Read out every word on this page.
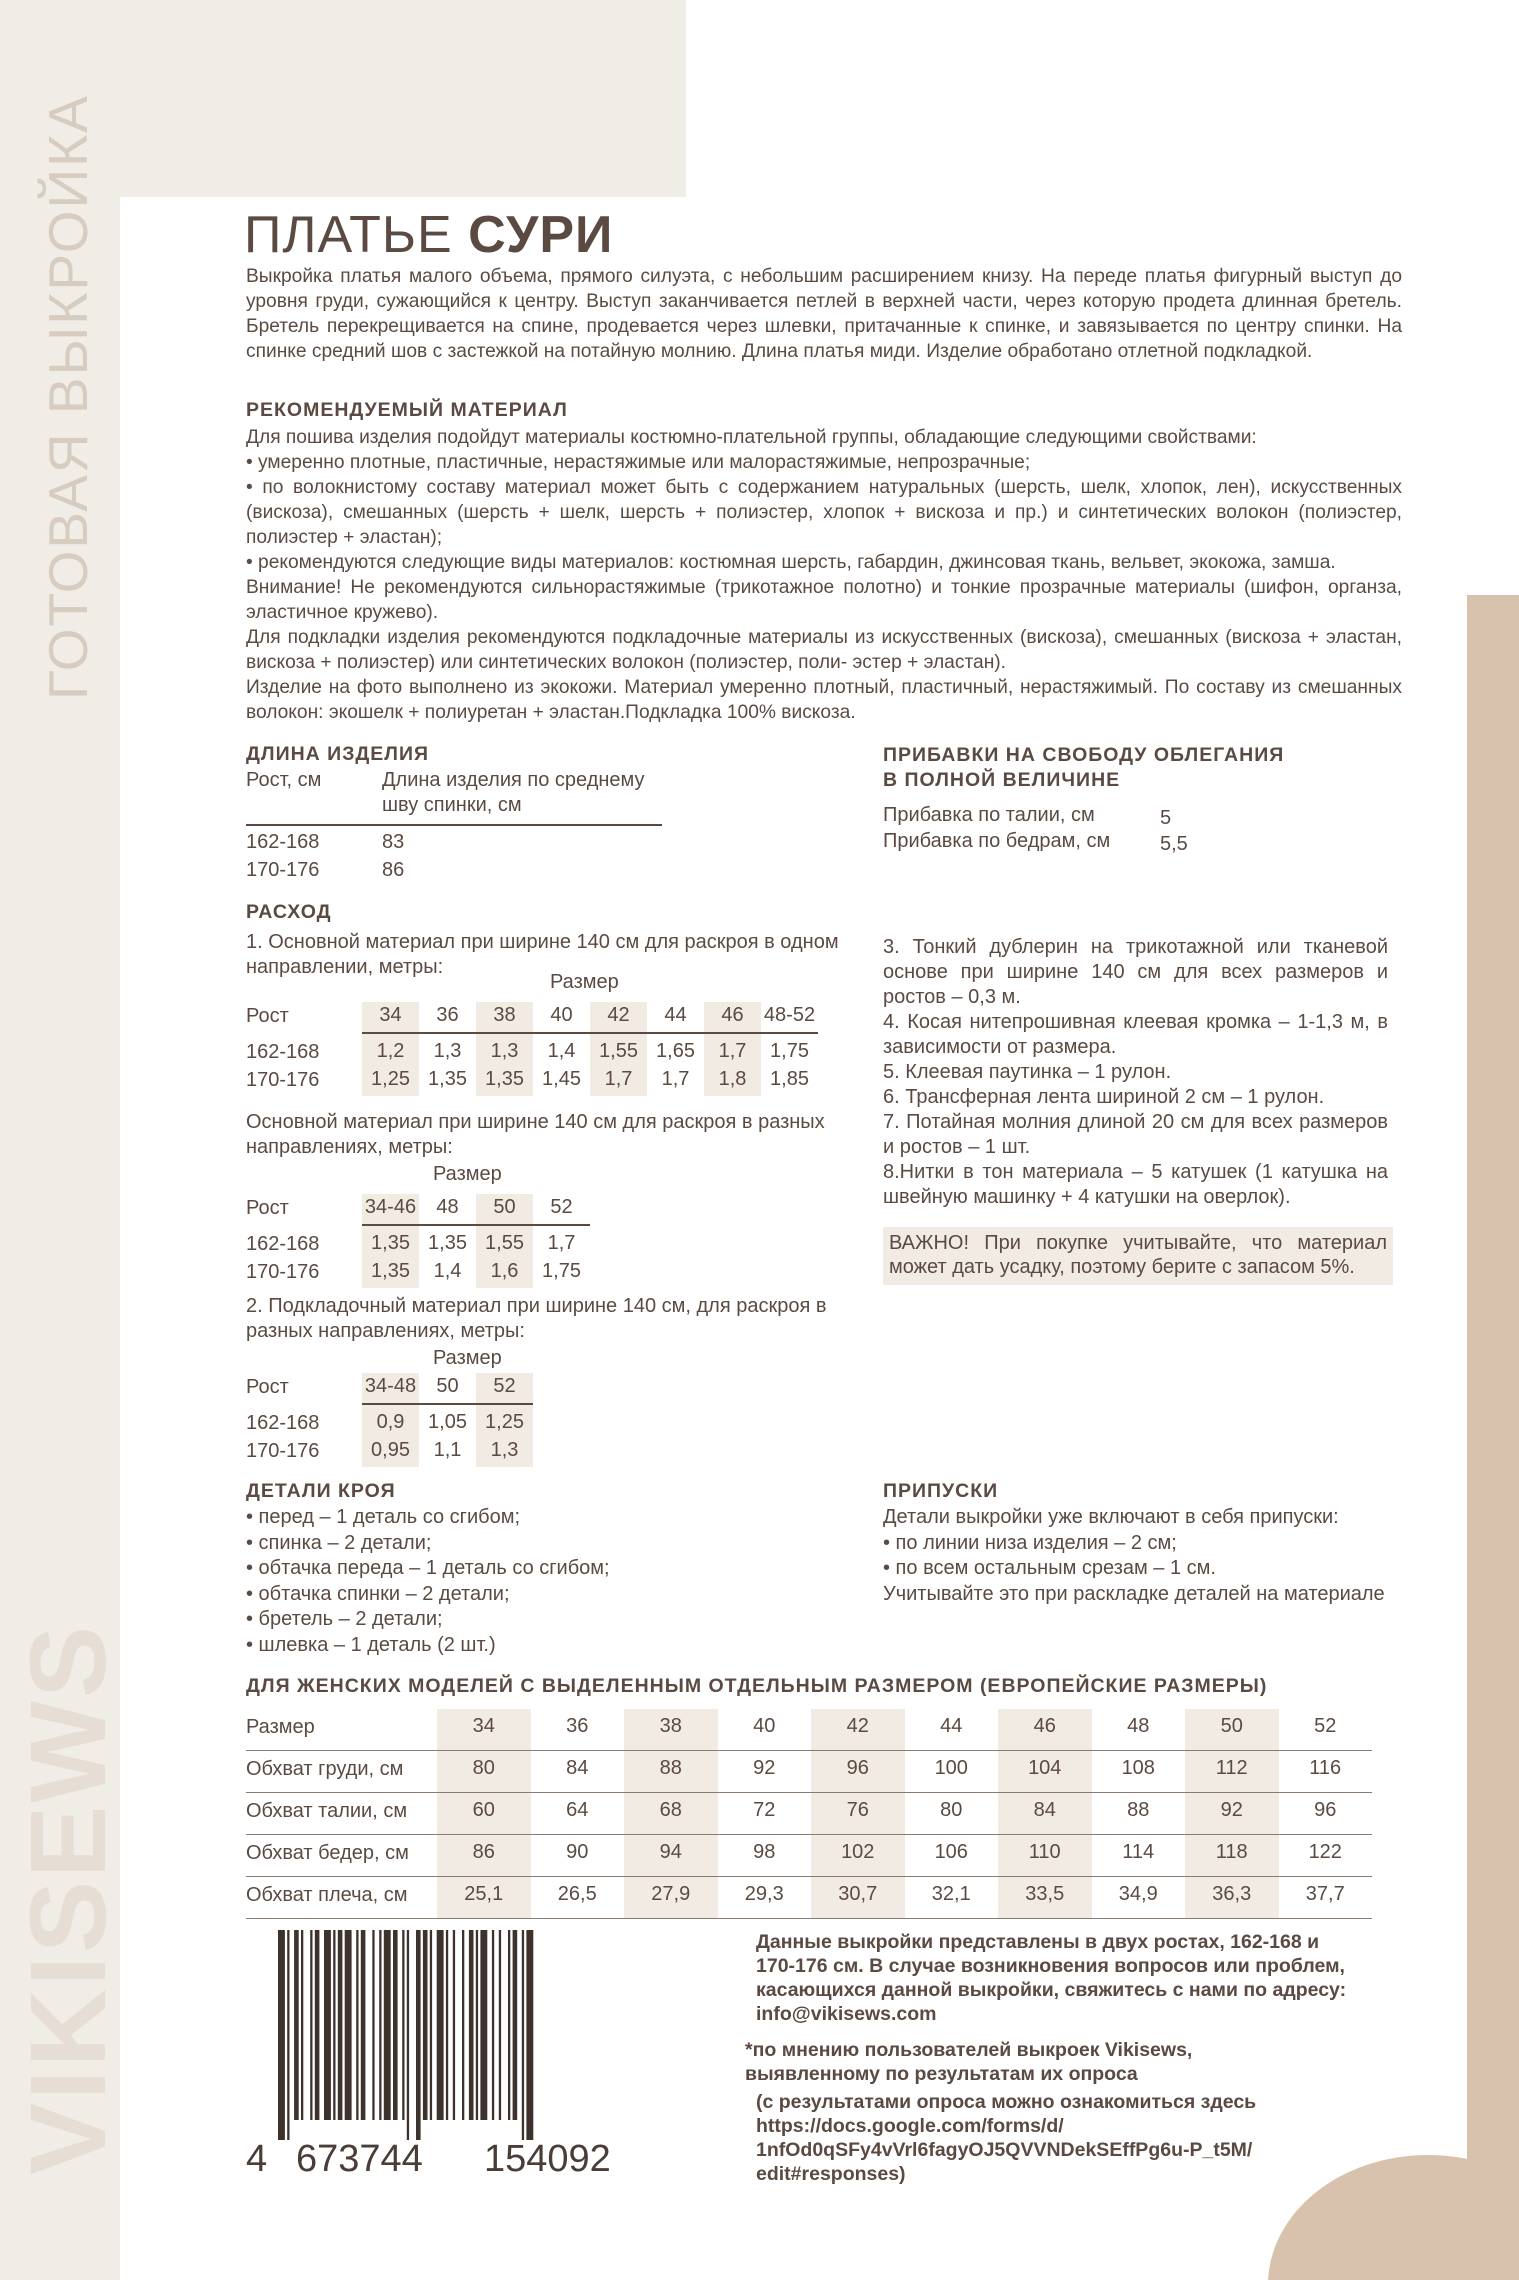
ГОТОВАЯ ВЫКРОЙКА
VIKISEWS
ПЛАТЬЕ СУРИ
Выкройка платья малого объема, прямого силуэта, с небольшим расширением книзу. На переде платья фигурный выступ до уровня груди, сужающийся к центру. Выступ заканчивается петлей в верхней части, через которую продета длинная бретель. Бретель перекрещивается на спине, продевается через шлевки, притачанные к спинке, и завязывается по центру спинки. На спинке средний шов с застежкой на потайную молнию. Длина платья миди. Изделие обработано отлетной подкладкой.
РЕКОМЕНДУЕМЫЙ МАТЕРИАЛ
Для пошива изделия подойдут материалы костюмно-плательной группы, обладающие следующими свойствами:
• умеренно плотные, пластичные, нерастяжимые или малорастяжимые, непрозрачные;
• по волокнистому составу материал может быть с содержанием натуральных (шерсть, шелк, хлопок, лен), искусственных (вискоза), смешанных (шерсть + шелк, шерсть + полиэстер, хлопок + вискоза и пр.) и синтетических волокон (полиэстер, полиэстер + эластан);
• рекомендуются следующие виды материалов: костюмная шерсть, габардин, джинсовая ткань, вельвет, экокожа, замша.
Внимание! Не рекомендуются сильнорастяжимые (трикотажное полотно) и тонкие прозрачные материалы (шифон, органза, эластичное кружево).
Для подкладки изделия рекомендуются подкладочные материалы из искусственных (вискоза), смешанных (вискоза + эластан, вискоза + полиэстер) или синтетических волокон (полиэстер, поли- эстер + эластан).
Изделие на фото выполнено из экокожи. Материал умеренно плотный, пластичный, нерастяжимый. По составу из смешанных волокон: экошелк + полиуретан + эластан.Подкладка 100% вискоза.
ДЛИНА ИЗДЕЛИЯ
Рост, см	Длина изделия по среднему шву спинки, см
162-168	83
170-176	86
ПРИБАВКИ НА СВОБОДУ ОБЛЕГАНИЯ В ПОЛНОЙ ВЕЛИЧИНЕ
Прибавка по талии, см	5
Прибавка по бедрам, см 5,5
РАСХОД
1. Основной материал при ширине 140 см для раскроя в одном направлении, метры:
Основной материал при ширине 140 см для раскроя в разных направлениях, метры:
2. Подкладочный материал при ширине 140 см, для раскроя в разных направлениях, метры:
3. Тонкий дублерин на трикотажной или тканевой основе при ширине 140 см для всех размеров и ростов – 0,3 м.
4. Косая нитепрошивная клеевая кромка – 1-1,3 м, в зависимости от размера.
5. Клеевая паутинка – 1 рулон.
6. Трансферная лента шириной 2 см – 1 рулон.
7. Потайная молния длиной 20 см для всех размеров и ростов – 1 шт.
8.Нитки в тон материала – 5 катушек (1 катушка на швейную машинку + 4 катушки на оверлок).
ВАЖНО! При покупке учитывайте, что материал может дать усадку, поэтому берите с запасом 5%.
ДЕТАЛИ КРОЯ	ПРИПУСКИ
ДЛЯ ЖЕНСКИХ МОДЕЛЕЙ С ВЫДЕЛЕННЫМ ОТДЕЛЬНЫМ РАЗМЕРОМ (ЕВРОПЕЙСКИЕ РАЗМЕРЫ)
Данные выкройки представлены в двух ростах, 162-168 и 170-176 см. В случае возникновения вопросов или проблем, касающихся данной выкройки, свяжитесь с нами по адресу: info@vikisews.com
*по мнению пользователей выкроек Vikisews, выявленному по результатам их опроса
(с результатами опроса можно ознакомиться здесь https://docs.google.com/forms/d/ 1nfOd0qSFy4vVrl6fagyOJ5QVVNDekSEffPg6u-P_t5M/ edit#responses)
4 673744 154092
Размер
Рост	34	36	38	40	42	44	46	48-52
162-168	1,2	1,3	1,3	1,4	1,55 1,65	1,7	1,75
170-176	1,25 1,35 1,35 1,45	1,7	1,7	1,8	1,85
Размер
Рост	34-46	48	50	52
162-168	1,35 1,35 1,55	1,7
170-176	1,35	1,4	1,6	1,75
Размер
Рост	34-48	50	52
162-168	0,9	1,05 1,25
170-176	0,95	1,1	1,3
• перед – 1 деталь со сгибом;
• спинка – 2 детали;
• обтачка переда – 1 деталь со сгибом;
• обтачка спинки – 2 детали;
• бретель – 2 детали;
• шлевка – 1 деталь (2 шт.)
Детали выкройки уже включают в себя припуски:
• по линии низа изделия – 2 см;
• по всем остальным срезам – 1 см.
Учитывайте это при раскладке деталей на материале
Размер	34	36	38	40	42	44	46	48	50	52
Обхват груди, см	80	84	88	92	96	100	104	108	112	116
Обхват талии, см	60	64	68	72	76	80	84	88	92	96
Обхват бедер, см	86	90	94	98	102	106	110	114	118	122
Обхват плеча, см	25,1	26,5	27,9	29,3	30,7	32,1	33,5	34,9	36,3	37,7
